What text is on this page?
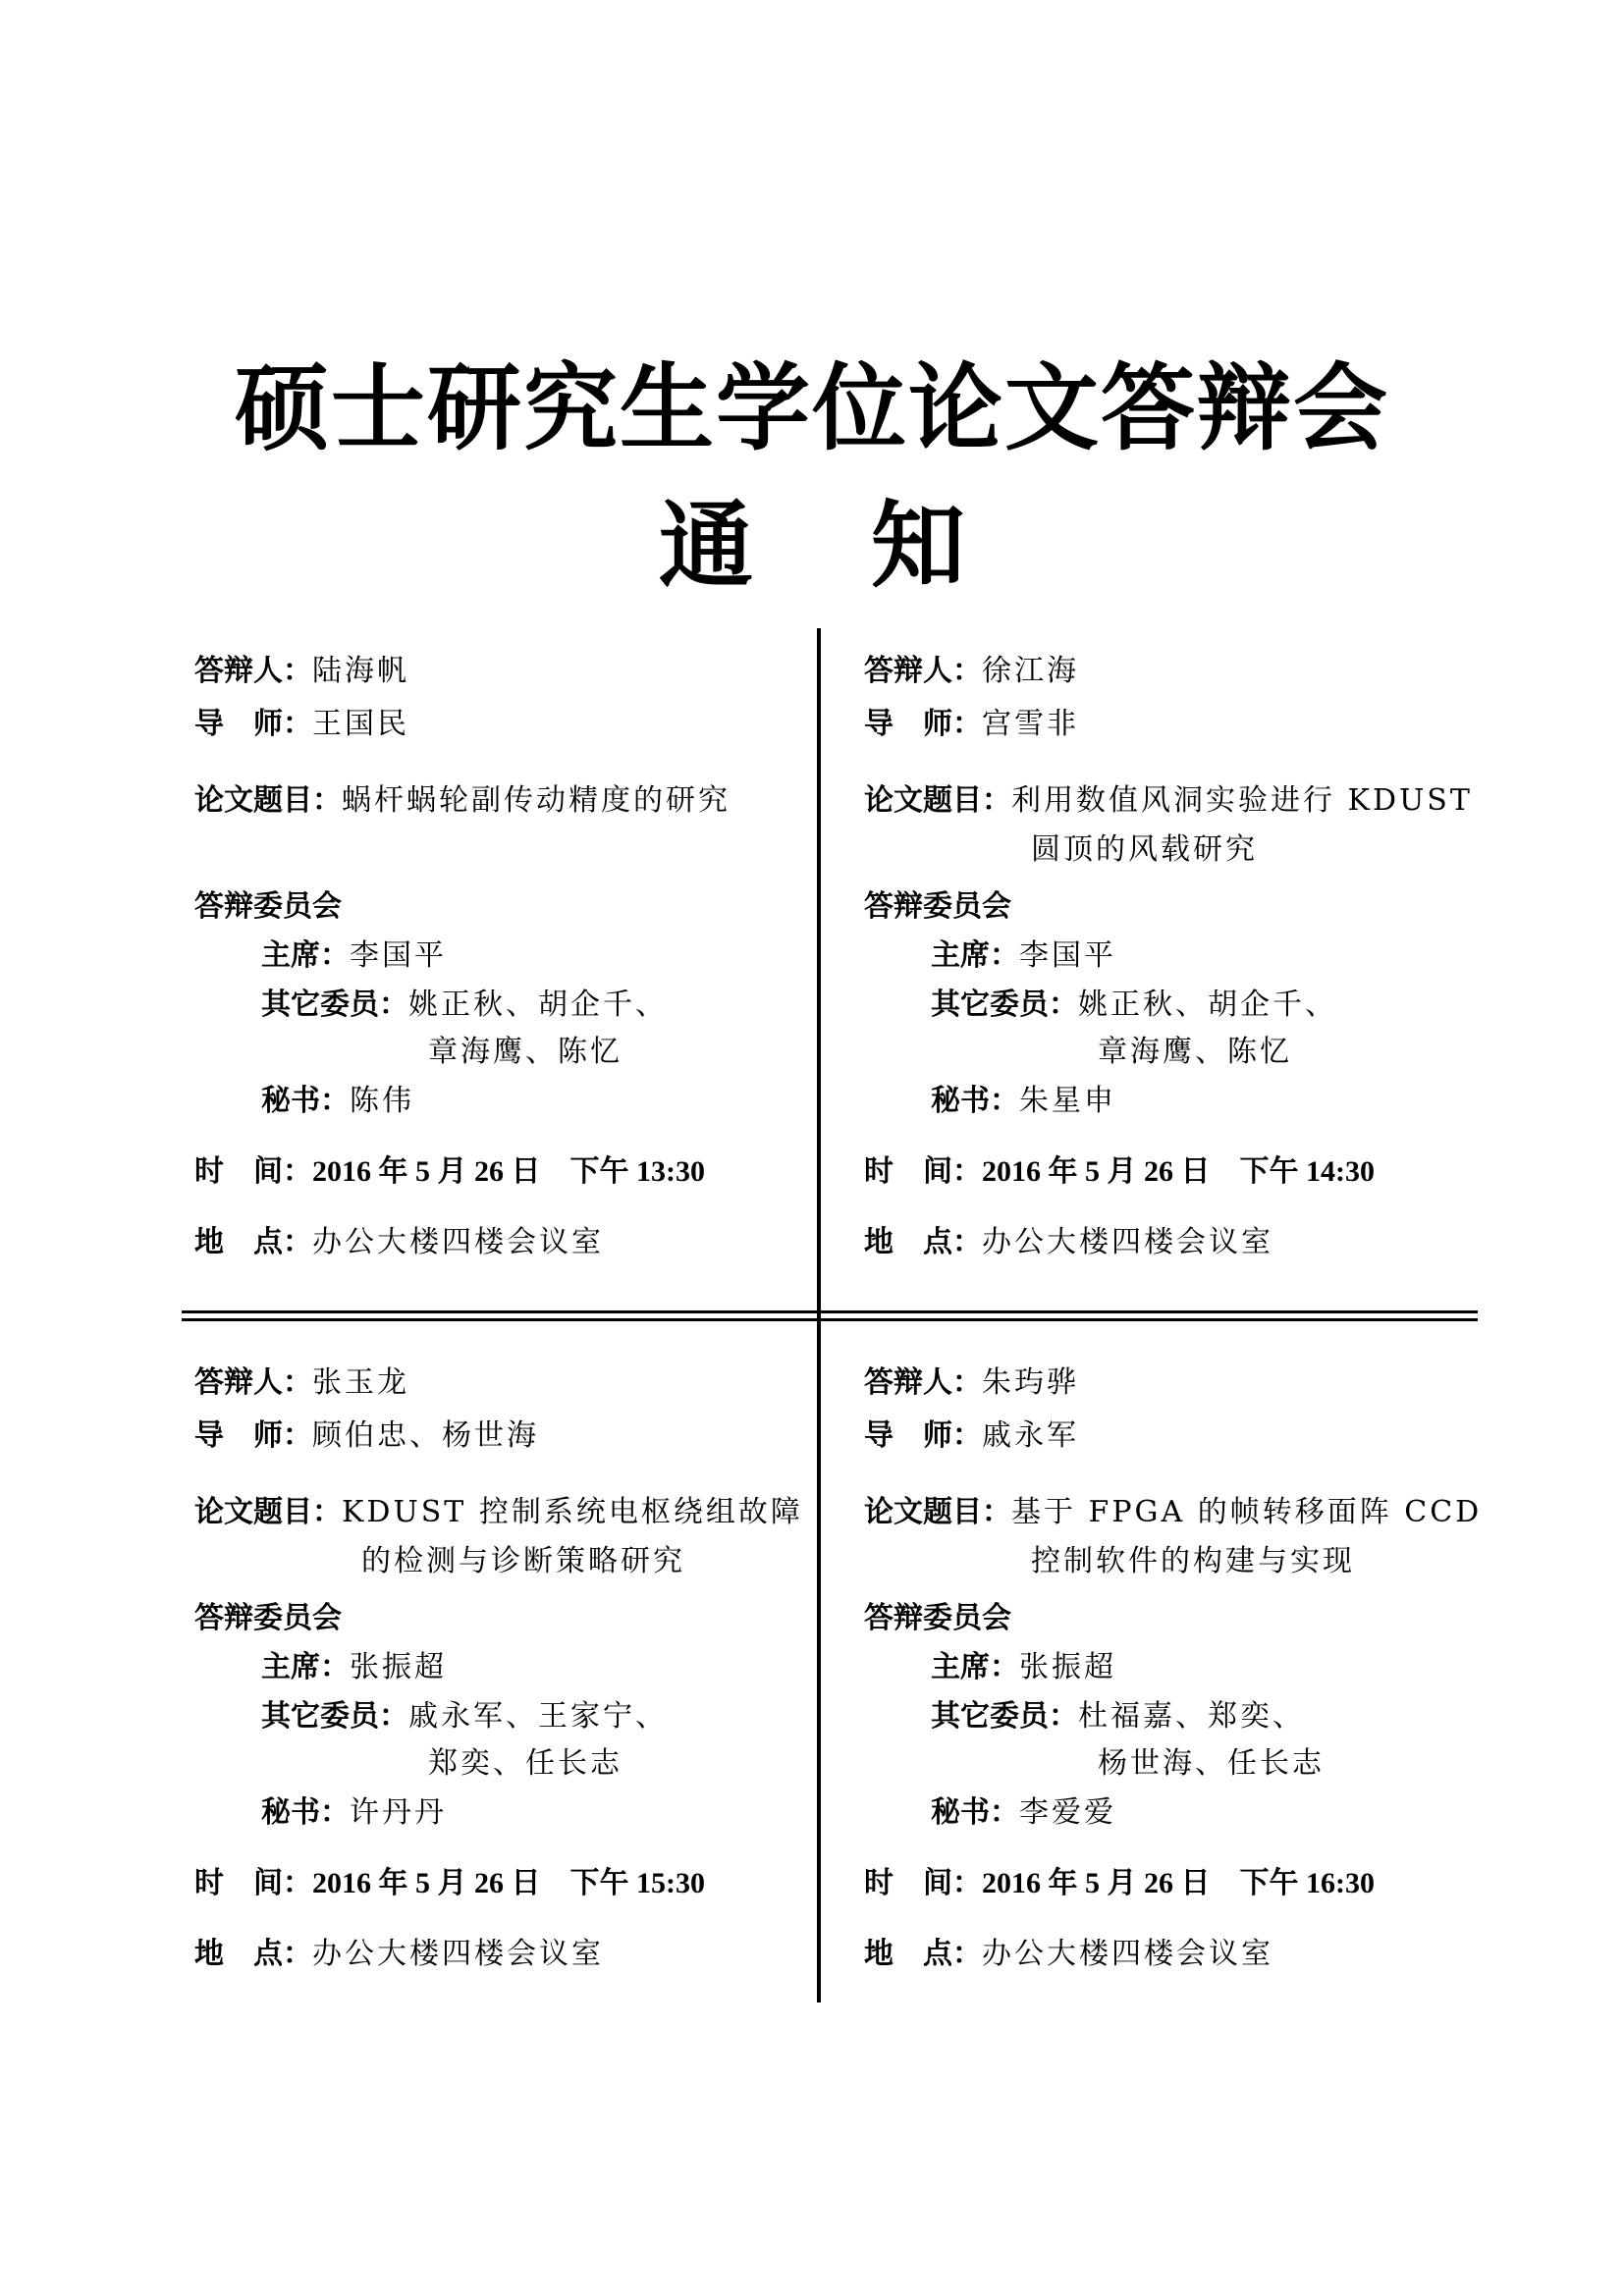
硕士研究生学位论文答辩会
通 知
答辩人：陆海帆
导　师：王国民
论文题目：蜗杆蜗轮副传动精度的研究
答辩委员会
主席：李国平
其它委员：姚正秋、胡企千、
章海鹰、陈忆
秘书：陈伟
时　间：2016 年 5 月 26 日　下午 13:30
地　点：办公大楼四楼会议室
答辩人：徐江海
导　师：宫雪非
论文题目：利用数值风洞实验进行 KDUST
圆顶的风载研究
答辩委员会
主席：李国平
其它委员：姚正秋、胡企千、
章海鹰、陈忆
秘书：朱星申
时　间：2016 年 5 月 26 日　下午 14:30
地　点：办公大楼四楼会议室
答辩人：张玉龙
导　师：顾伯忠、杨世海
论文题目：KDUST 控制系统电枢绕组故障
的检测与诊断策略研究
答辩委员会
主席：张振超
其它委员：戚永军、王家宁、
郑奕、任长志
秘书：许丹丹
时　间：2016 年 5 月 26 日　下午 15:30
地　点：办公大楼四楼会议室
答辩人：朱玙骅
导　师：戚永军
论文题目：基于 FPGA 的帧转移面阵 CCD
控制软件的构建与实现
答辩委员会
主席：张振超
其它委员：杜福嘉、郑奕、
杨世海、任长志
秘书：李爱爱
时　间：2016 年 5 月 26 日　下午 16:30
地　点：办公大楼四楼会议室
